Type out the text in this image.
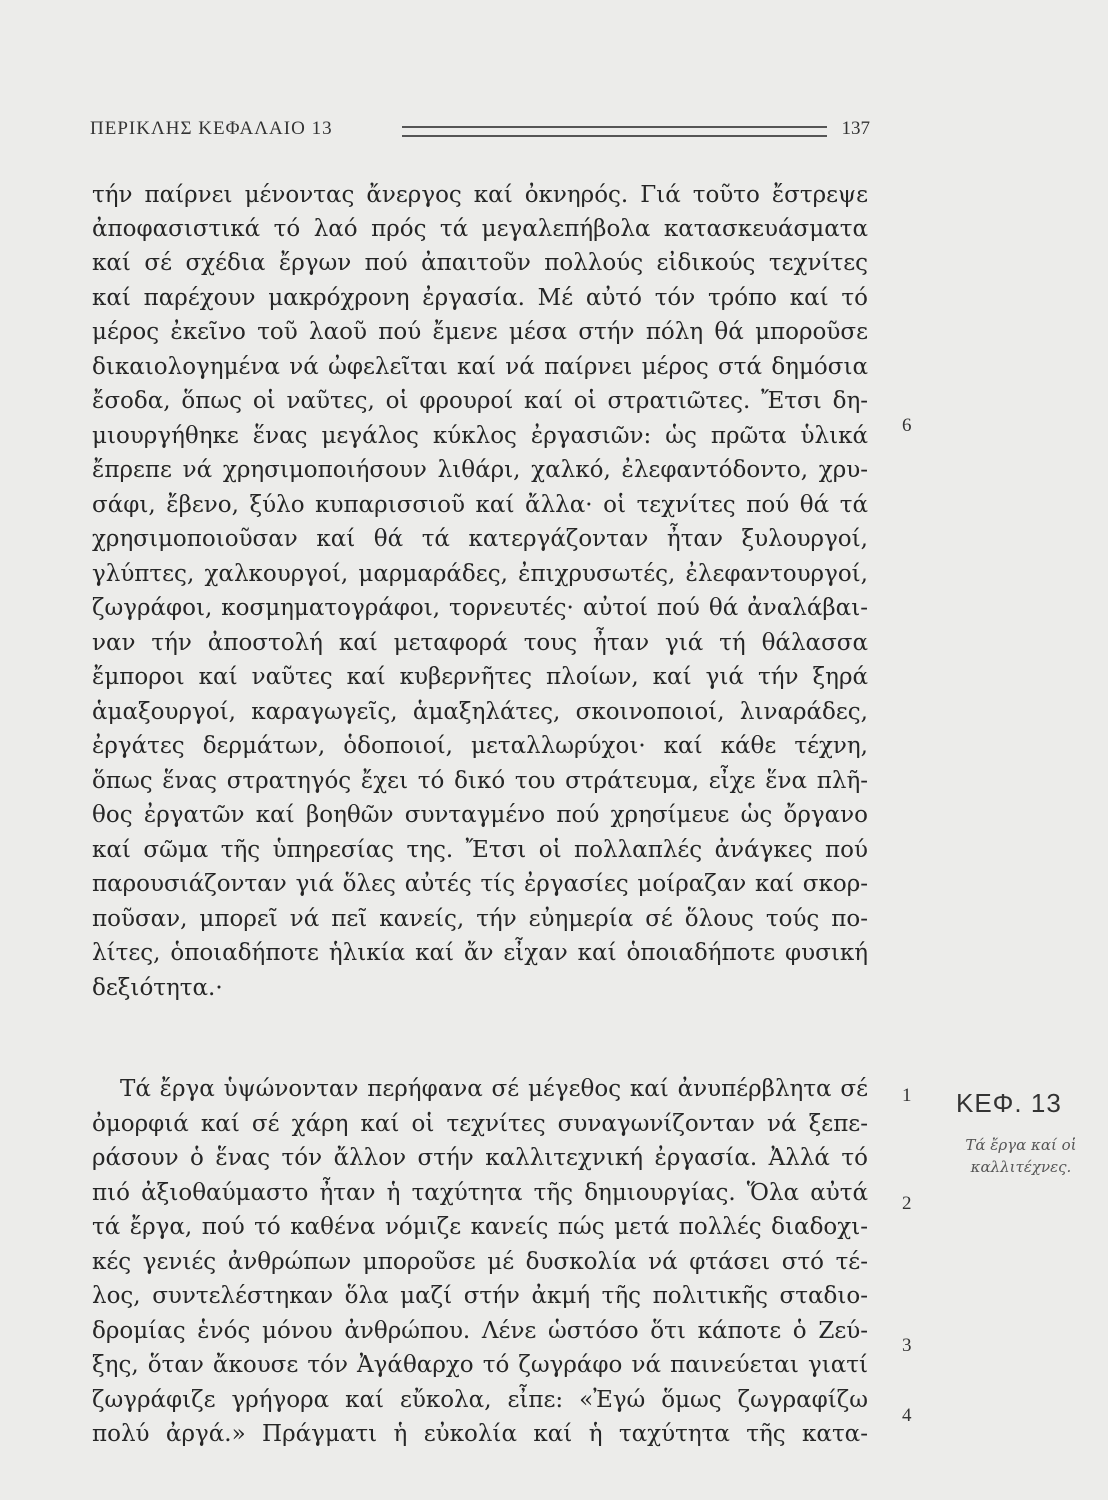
ΠΕΡΙΚΛΗΣ ΚΕΦΑΛΑΙΟ 13	137
τήν παίρνει μένοντας ἄνεργος καί ὀκνηρός. Γιά τοῦτο ἔστρεψε
ἀποφασιστικά τό λαό πρός τά μεγαλεπήβολα κατασκευάσματα
καί σέ σχέδια ἔργων πού ἀπαιτοῦν πολλούς εἰδικούς τεχνίτες
καί παρέχουν μακρόχρονη ἐργασία. Μέ αὐτό τόν τρόπο καί τό
μέρος ἐκεῖνο τοῦ λαοῦ πού ἔμενε μέσα στήν πόλη θά μποροῦσε
δικαιολογημένα νά ὠφελεῖται καί νά παίρνει μέρος στά δημόσια
ἔσοδα, ὅπως οἱ ναῦτες, οἱ φρουροί καί οἱ στρατιῶτες. Ἔτσι δη-
μιουργήθηκε ἕνας μεγάλος κύκλος ἐργασιῶν: ὡς πρῶτα ὑλικά
ἔπρεπε νά χρησιμοποιήσουν λιθάρι, χαλκό, ἐλεφαντόδοντο, χρυ-
σάφι, ἔβενο, ξύλο κυπαρισσιοῦ καί ἄλλα· οἱ τεχνίτες πού θά τά
χρησιμοποιοῦσαν καί θά τά κατεργάζονταν ἦταν ξυλουργοί,
γλύπτες, χαλκουργοί, μαρμαράδες, ἐπιχρυσωτές, ἐλεφαντουργοί,
ζωγράφοι, κοσμηματογράφοι, τορνευτές· αὐτοί πού θά ἀναλάβαι-
ναν τήν ἀποστολή καί μεταφορά τους ἦταν γιά τή θάλασσα
ἔμποροι καί ναῦτες καί κυβερνῆτες πλοίων, καί γιά τήν ξηρά
ἁμαξουργοί, καραγωγεῖς, ἁμαξηλάτες, σκοινοποιοί, λιναράδες,
ἐργάτες δερμάτων, ὁδοποιοί, μεταλλωρύχοι· καί κάθε τέχνη,
ὅπως ἕνας στρατηγός ἔχει τό δικό του στράτευμα, εἶχε ἕνα πλῆ-
θος ἐργατῶν καί βοηθῶν συνταγμένο πού χρησίμευε ὡς ὄργανο
καί σῶμα τῆς ὑπηρεσίας της. Ἔτσι οἱ πολλαπλές ἀνάγκες πού
παρουσιάζονταν γιά ὅλες αὐτές τίς ἐργασίες μοίραζαν καί σκορ-
ποῦσαν, μπορεῖ νά πεῖ κανείς, τήν εὐημερία σέ ὅλους τούς πο-
λίτες, ὁποιαδήποτε ἡλικία καί ἄν εἶχαν καί ὁποιαδήποτε φυσική
δεξιότητα.·
6
Τά ἔργα ὑψώνονταν περήφανα σέ μέγεθος καί ἀνυπέρβλητα σέ
ὀμορφιά καί σέ χάρη καί οἱ τεχνίτες συναγωνίζονταν νά ξεπε-
ράσουν ὁ ἕνας τόν ἄλλον στήν καλλιτεχνική ἐργασία. Ἀλλά τό
πιό ἀξιοθαύμαστο ἦταν ἡ ταχύτητα τῆς δημιουργίας. Ὅλα αὐτά
τά ἔργα, πού τό καθένα νόμιζε κανείς πώς μετά πολλές διαδοχι-
κές γενιές ἀνθρώπων μποροῦσε μέ δυσκολία νά φτάσει στό τέ-
λος, συντελέστηκαν ὅλα μαζί στήν ἀκμή τῆς πολιτικῆς σταδιο-
δρομίας ἑνός μόνου ἀνθρώπου. Λένε ὡστόσο ὅτι κάποτε ὁ Ζεύ-
ξης, ὅταν ἄκουσε τόν Ἀγάθαρχο τό ζωγράφο νά παινεύεται γιατί
ζωγράφιζε γρήγορα καί εὔκολα, εἶπε: «Ἐγώ ὅμως ζωγραφίζω
πολύ ἀργά.» Πράγματι ἡ εὐκολία καί ἡ ταχύτητα τῆς κατα-
1
2
3
4
ΚΕΦ. 13
Τά ἔργα καί οἱ καλλιτέχνες.
